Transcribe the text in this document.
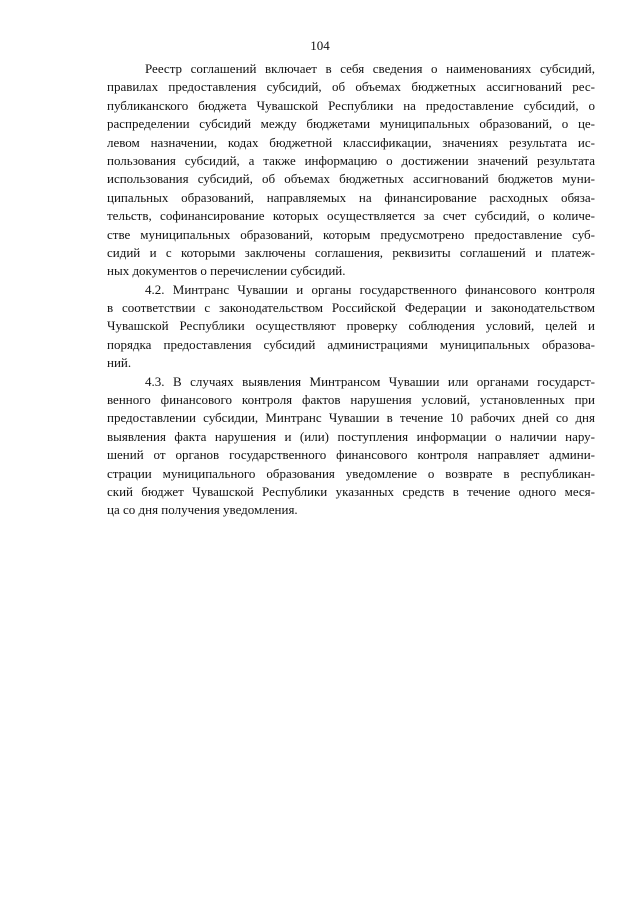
104
Реестр соглашений включает в себя сведения о наименованиях субсидий,
правилах предоставления субсидий, об объемах бюджетных ассигнований рес-
публиканского бюджета Чувашской Республики на предоставление субсидий, о
распределении субсидий между бюджетами муниципальных образований, о це-
левом назначении, кодах бюджетной классификации, значениях результата ис-
пользования субсидий, а также информацию о достижении значений результата
использования субсидий, об объемах бюджетных ассигнований бюджетов муни-
ципальных образований, направляемых на финансирование расходных обяза-
тельств, софинансирование которых осуществляется за счет субсидий, о количе-
стве муниципальных образований, которым предусмотрено предоставление суб-
сидий и с которыми заключены соглашения, реквизиты соглашений и платеж-
ных документов о перечислении субсидий.
4.2. Минтранс Чувашии и органы государственного финансового контроля
в соответствии с законодательством Российской Федерации и законодательством
Чувашской Республики осуществляют проверку соблюдения условий, целей и
порядка предоставления субсидий администрациями муниципальных образова-
ний.
4.3. В случаях выявления Минтрансом Чувашии или органами государст-
венного финансового контроля фактов нарушения условий, установленных при
предоставлении субсидии, Минтранс Чувашии в течение 10 рабочих дней со дня
выявления факта нарушения и (или) поступления информации о наличии нару-
шений от органов государственного финансового контроля направляет админи-
страции муниципального образования уведомление о возврате в республикан-
ский бюджет Чувашской Республики указанных средств в течение одного меся-
ца со дня получения уведомления.
